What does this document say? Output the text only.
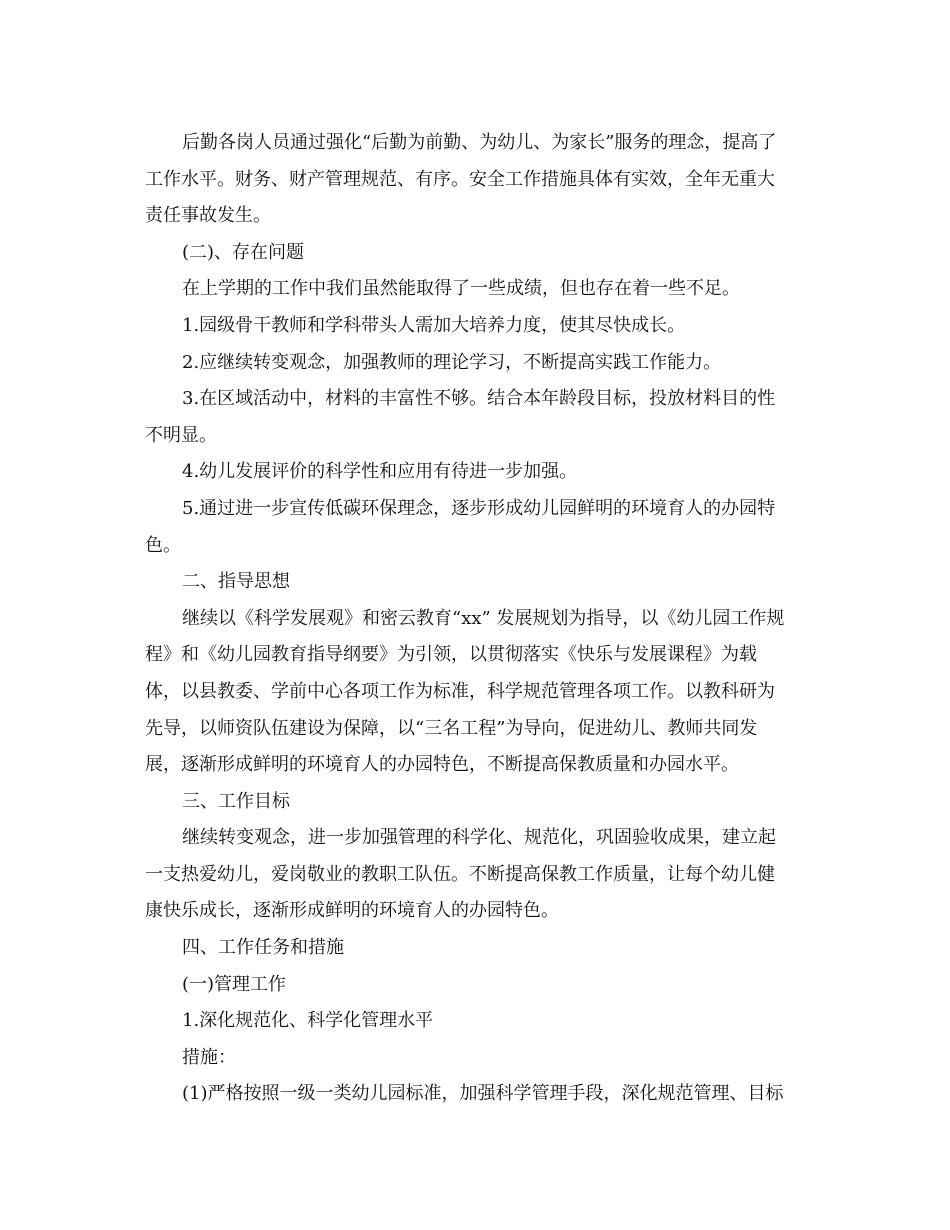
后勤各岗人员通过强化“后勤为前勤、为幼儿、为家长”服务的理念，提高了
工作水平。财务、财产管理规范、有序。安全工作措施具体有实效，全年无重大
责任事故发生。
(二)、存在问题
在上学期的工作中我们虽然能取得了一些成绩，但也存在着一些不足。
1.园级骨干教师和学科带头人需加大培养力度，使其尽快成长。
2.应继续转变观念，加强教师的理论学习，不断提高实践工作能力。
3.在区域活动中，材料的丰富性不够。结合本年龄段目标，投放材料目的性
不明显。
4.幼儿发展评价的科学性和应用有待进一步加强。
5.通过进一步宣传低碳环保理念，逐步形成幼儿园鲜明的环境育人的办园特
色。
二、指导思想
继续以《科学发展观》和密云教育“xx” 发展规划为指导，以《幼儿园工作规
程》和《幼儿园教育指导纲要》为引领，以贯彻落实《快乐与发展课程》为载
体，以县教委、学前中心各项工作为标准，科学规范管理各项工作。以教科研为
先导，以师资队伍建设为保障，以“三名工程”为导向，促进幼儿、教师共同发
展，逐渐形成鲜明的环境育人的办园特色，不断提高保教质量和办园水平。
三、工作目标
继续转变观念，进一步加强管理的科学化、规范化，巩固验收成果，建立起
一支热爱幼儿，爱岗敬业的教职工队伍。不断提高保教工作质量，让每个幼儿健
康快乐成长，逐渐形成鲜明的环境育人的办园特色。
四、工作任务和措施
(一)管理工作
1.深化规范化、科学化管理水平
措施：
(1)严格按照一级一类幼儿园标准，加强科学管理手段，深化规范管理、目标
